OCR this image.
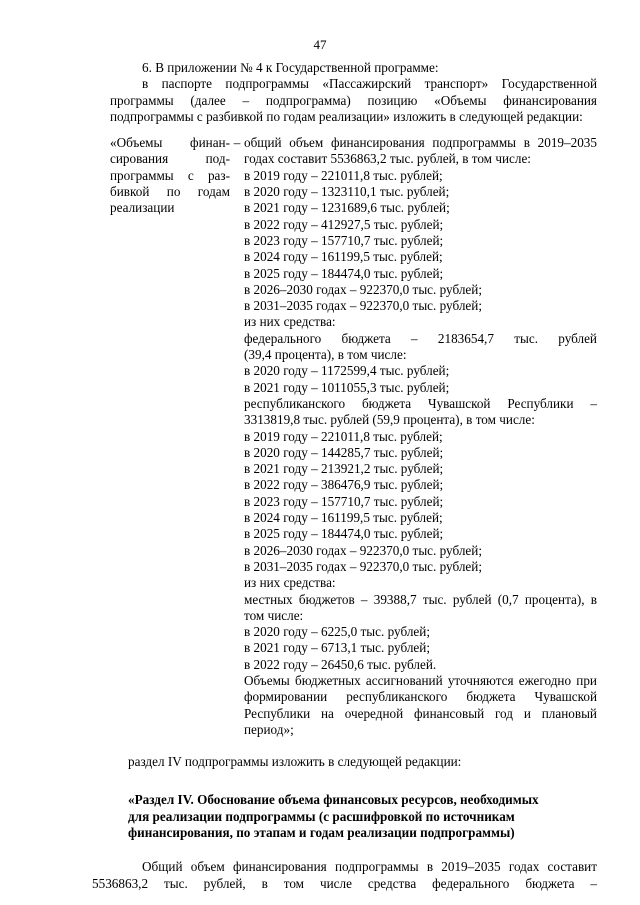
47

6. В приложении № 4 к Государственной программе:

в паспорте подпрограммы «Пассажирский транспорт» Государственной программы (далее – подпрограмма) позицию «Объемы финансирования подпрограммы с разбивкой по годам реализации» изложить в следующей редакции:

«Объемы финан-сирования под-программы с раз-бивкой по годам реализации
– общий объем финансирования подпрограммы в 2019–2035 годах составит 5536863,2 тыс. рублей, в том числе:
в 2019 году – 221011,8 тыс. рублей;
в 2020 году – 1323110,1 тыс. рублей;
в 2021 году – 1231689,6 тыс. рублей;
в 2022 году – 412927,5 тыс. рублей;
в 2023 году – 157710,7 тыс. рублей;
в 2024 году – 161199,5 тыс. рублей;
в 2025 году – 184474,0 тыс. рублей;
в 2026–2030 годах – 922370,0 тыс. рублей;
в 2031–2035 годах – 922370,0 тыс. рублей;
из них средства:
федерального бюджета – 2183654,7 тыс. рублей
(39,4 процента), в том числе:
в 2020 году – 1172599,4 тыс. рублей;
в 2021 году – 1011055,3 тыс. рублей;
республиканского бюджета Чувашской Республики – 3313819,8 тыс. рублей (59,9 процента), в том числе:
в 2019 году – 221011,8 тыс. рублей;
в 2020 году – 144285,7 тыс. рублей;
в 2021 году – 213921,2 тыс. рублей;
в 2022 году – 386476,9 тыс. рублей;
в 2023 году – 157710,7 тыс. рублей;
в 2024 году – 161199,5 тыс. рублей;
в 2025 году – 184474,0 тыс. рублей;
в 2026–2030 годах – 922370,0 тыс. рублей;
в 2031–2035 годах – 922370,0 тыс. рублей;
из них средства:
местных бюджетов – 39388,7 тыс. рублей (0,7 процента), в том числе:
в 2020 году – 6225,0 тыс. рублей;
в 2021 году – 6713,1 тыс. рублей;
в 2022 году – 26450,6 тыс. рублей.
Объемы бюджетных ассигнований уточняются ежегодно при формировании республиканского бюджета Чувашской Республики на очередной финансовый год и плановый период»;

раздел IV подпрограммы изложить в следующей редакции:

«Раздел IV. Обоснование объема финансовых ресурсов, необходимых
для реализации подпрограммы (с расшифровкой по источникам
финансирования, по этапам и годам реализации подпрограммы)
Общий объем финансирования подпрограммы в 2019–2035 годах составит
5536863,2 тыс. рублей, в том числе средства федерального бюджета –
